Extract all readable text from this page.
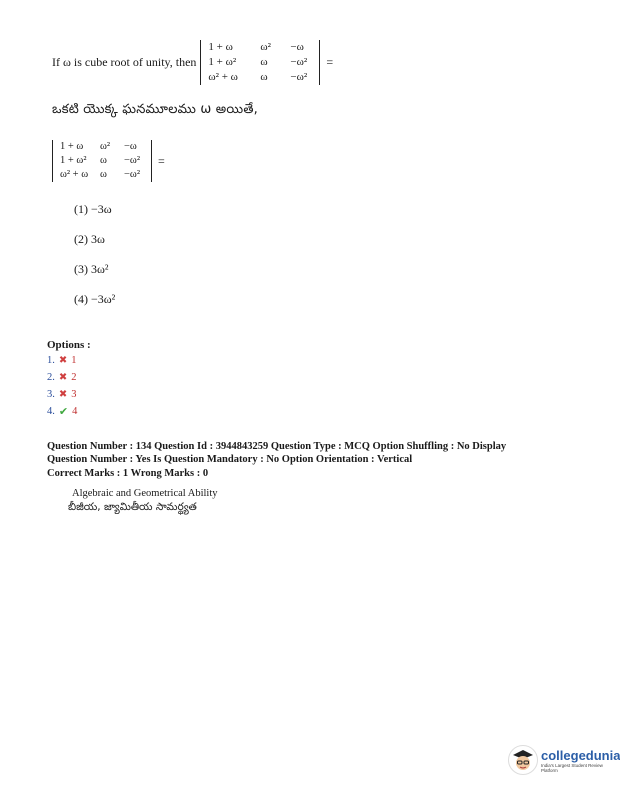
If ω is cube root of unity, then
1 + ω	ω²	−ω
1 + ω²	ω	−ω²
ω² + ω	ω	−ω²
=
ఒకటి యొక్క ఘనమూలము ω అయితే,
1 + ω	ω²	−ω
1 + ω²	ω	−ω²
ω² + ω	ω	−ω²
=
(1) −3ω
(2) 3ω
(3) 3ω²
(4) −3ω²
Options :
1. ✖ 1
2. ✖ 2
3. ✖ 3
4. ✔ 4
Question Number : 134 Question Id : 3944843259 Question Type : MCQ Option Shuffling : No Display
Question Number : Yes Is Question Mandatory : No Option Orientation : Vertical
Correct Marks : 1 Wrong Marks : 0
Algebraic and Geometrical Ability
బీజీయ, జ్యామితీయ సామర్థ్యత
collegedunia
India's Largest Student Review Platform
